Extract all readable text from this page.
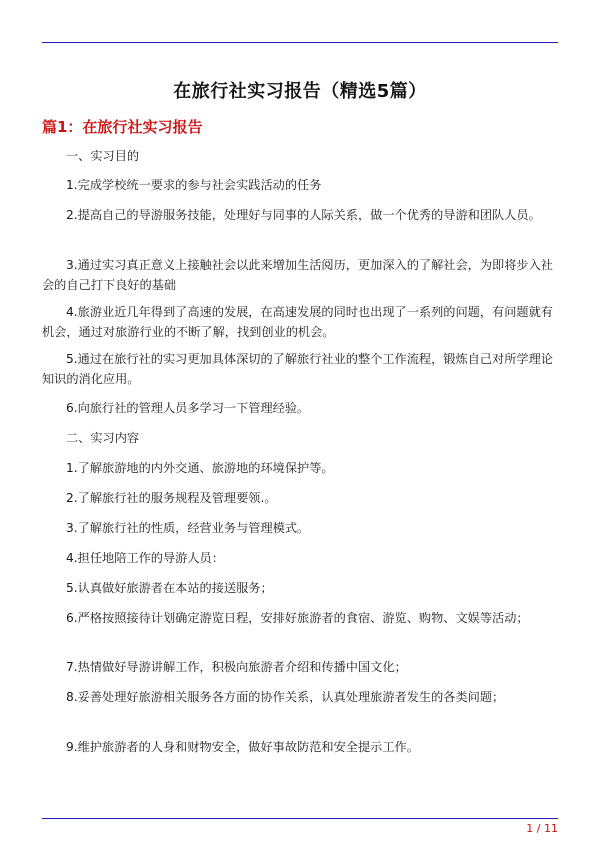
在旅行社实习报告（精选5篇）
篇1：在旅行社实习报告

一、实习目的

1.完成学校统一要求的参与社会实践活动的任务

2.提高自己的导游服务技能，处理好与同事的人际关系，做一个优秀的导游和团队人员。

3.通过实习真正意义上接触社会以此来增加生活阅历，更加深入的了解社会，为即将步入社会的自己打下良好的基础

4.旅游业近几年得到了高速的发展，在高速发展的同时也出现了一系列的问题，有问题就有机会，通过对旅游行业的不断了解，找到创业的机会。

5.通过在旅行社的实习更加具体深切的了解旅行社业的整个工作流程，锻炼自己对所学理论知识的消化应用。

6.向旅行社的管理人员多学习一下管理经验。

二、实习内容

1.了解旅游地的内外交通、旅游地的环境保护等。

2.了解旅行社的服务规程及管理要领.。

3.了解旅行社的性质，经营业务与管理模式。

4.担任地陪工作的导游人员：

5.认真做好旅游者在本站的接送服务；

6.严格按照接待计划确定游览日程，安排好旅游者的食宿、游览、购物、文娱等活动；

7.热情做好导游讲解工作，积极向旅游者介绍和传播中国文化；

8.妥善处理好旅游相关服务各方面的协作关系，认真处理旅游者发生的各类问题；

9.维护旅游者的人身和财物安全，做好事故防范和安全提示工作。

1 / 11
